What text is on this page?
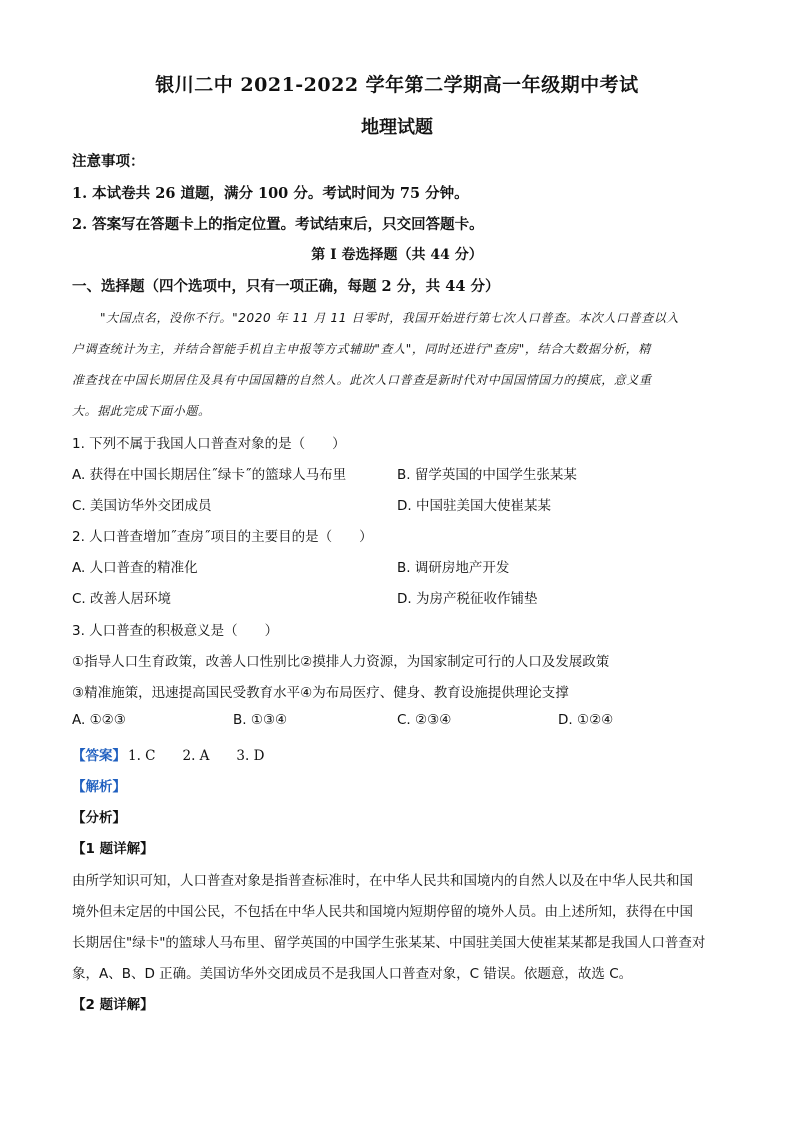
银川二中 2021-2022 学年第二学期高一年级期中考试
地理试题
注意事项：
1. 本试卷共 26 道题，满分 100 分。考试时间为 75 分钟。
2. 答案写在答题卡上的指定位置。考试结束后，只交回答题卡。
第 I 卷选择题（共 44 分）
一、选择题（四个选项中，只有一项正确，每题 2 分，共 44 分）
"大国点名，没你不行。"2020 年 11 月 11 日零时，我国开始进行第七次人口普查。本次人口普查以入
户调查统计为主，并结合智能手机自主申报等方式辅助"查人"，同时还进行"查房"，结合大数据分析，精
准查找在中国长期居住及具有中国国籍的自然人。此次人口普查是新时代对中国国情国力的摸底，意义重
大。据此完成下面小题。
1. 下列不属于我国人口普查对象的是（　　）
A. 获得在中国长期居住˝绿卡˝的篮球人马布里	B. 留学英国的中国学生张某某
C. 美国访华外交团成员	D. 中国驻美国大使崔某某
2. 人口普查增加˝查房˝项目的主要目的是（　　）
A. 人口普查的精准化	B. 调研房地产开发
C. 改善人居环境	D. 为房产税征收作铺垫
3. 人口普查的积极意义是（　　）
①指导人口生育政策，改善人口性别比②摸排人力资源，为国家制定可行的人口及发展政策
③精准施策，迅速提高国民受教育水平④为布局医疗、健身、教育设施提供理论支撑
A. ①②③	B. ①③④	C. ②③④	D. ①②④
【答案】 1. C　　2. A　　3. D
【解析】
【分析】
【1 题详解】
由所学知识可知，人口普查对象是指普查标准时，在中华人民共和国境内的自然人以及在中华人民共和国
境外但未定居的中国公民，不包括在中华人民共和国境内短期停留的境外人员。由上述所知，获得在中国
长期居住"绿卡"的篮球人马布里、留学英国的中国学生张某某、中国驻美国大使崔某某都是我国人口普查对
象，A、B、D 正确。美国访华外交团成员不是我国人口普查对象，C 错误。依题意，故选 C。
【2 题详解】
